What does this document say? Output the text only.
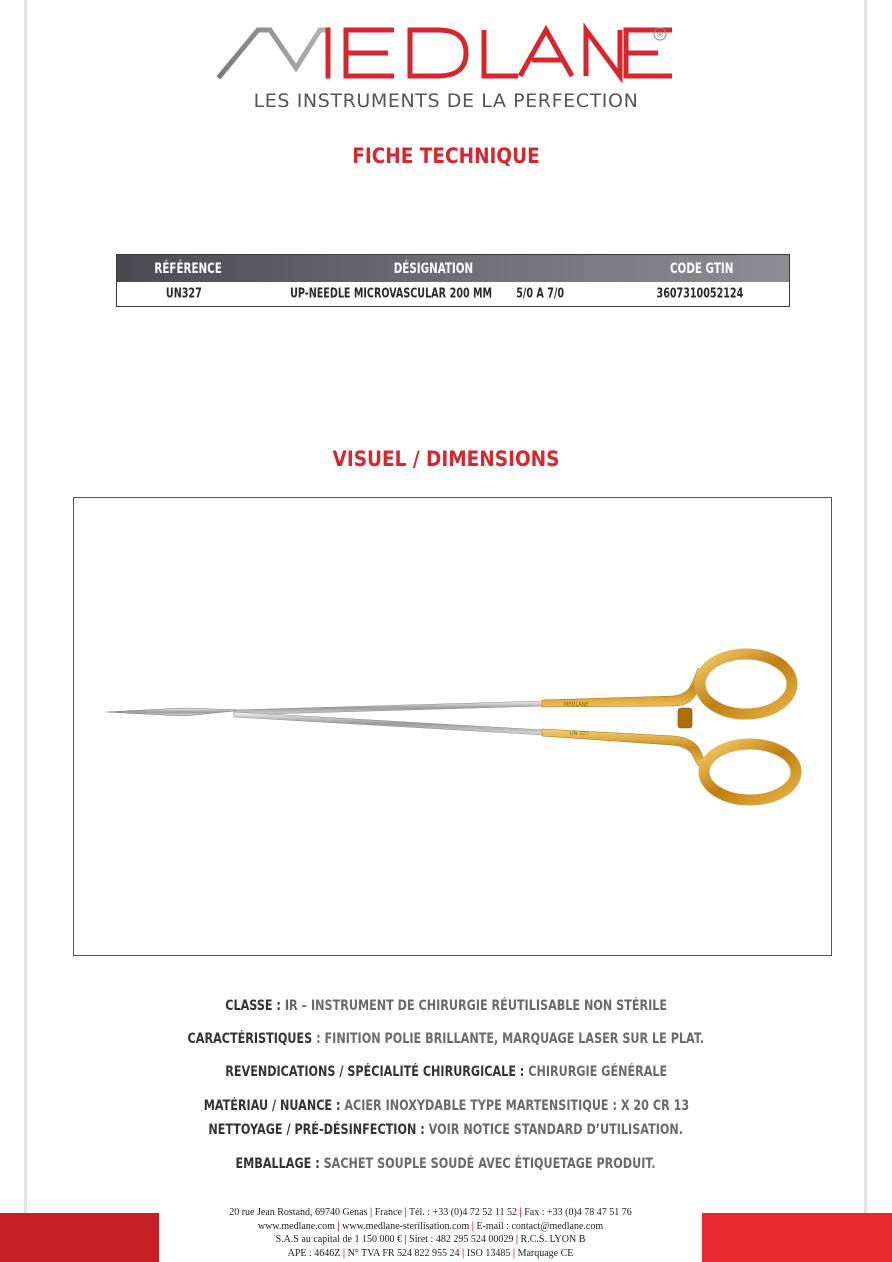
®
LES INSTRUMENTS DE LA PERFECTION
FICHE TECHNIQUE
RÉFÉRENCE	DÉSIGNATION	CODE GTIN
UN327	UP-NEEDLE MICROVASCULAR 200 MM 5/0 A 7/0	3607310052124
VISUEL / DIMENSIONS
MEDLANE
UN 327
CLASSE : IR – INSTRUMENT DE CHIRURGIE RÉUTILISABLE NON STÉRILE
CARACTÉRISTIQUES : FINITION POLIE BRILLANTE, MARQUAGE LASER SUR LE PLAT.
REVENDICATIONS / SPÉCIALITÉ CHIRURGICALE : CHIRURGIE GÉNÉRALE
MATÉRIAU / NUANCE : ACIER INOXYDABLE TYPE MARTENSITIQUE : X 20 CR 13
NETTOYAGE / PRÉ-DÉSINFECTION : VOIR NOTICE STANDARD D’UTILISATION.
EMBALLAGE : SACHET SOUPLE SOUDÉ AVEC ÉTIQUETAGE PRODUIT.
20 rue Jean Rostand, 69740 Genas | France | Tél. : +33 (0)4 72 52 11 52 | Fax : +33 (0)4 78 47 51 76
www.medlane.com | www.medlane-sterilisation.com | E-mail : contact@medlane.com
S.A.S au capital de 1 150 000 € | Siret : 482 295 524 00029 | R.C.S. LYON B
APE : 4646Z | N° TVA FR 524 822 955 24 | ISO 13485 | Marquage CE
